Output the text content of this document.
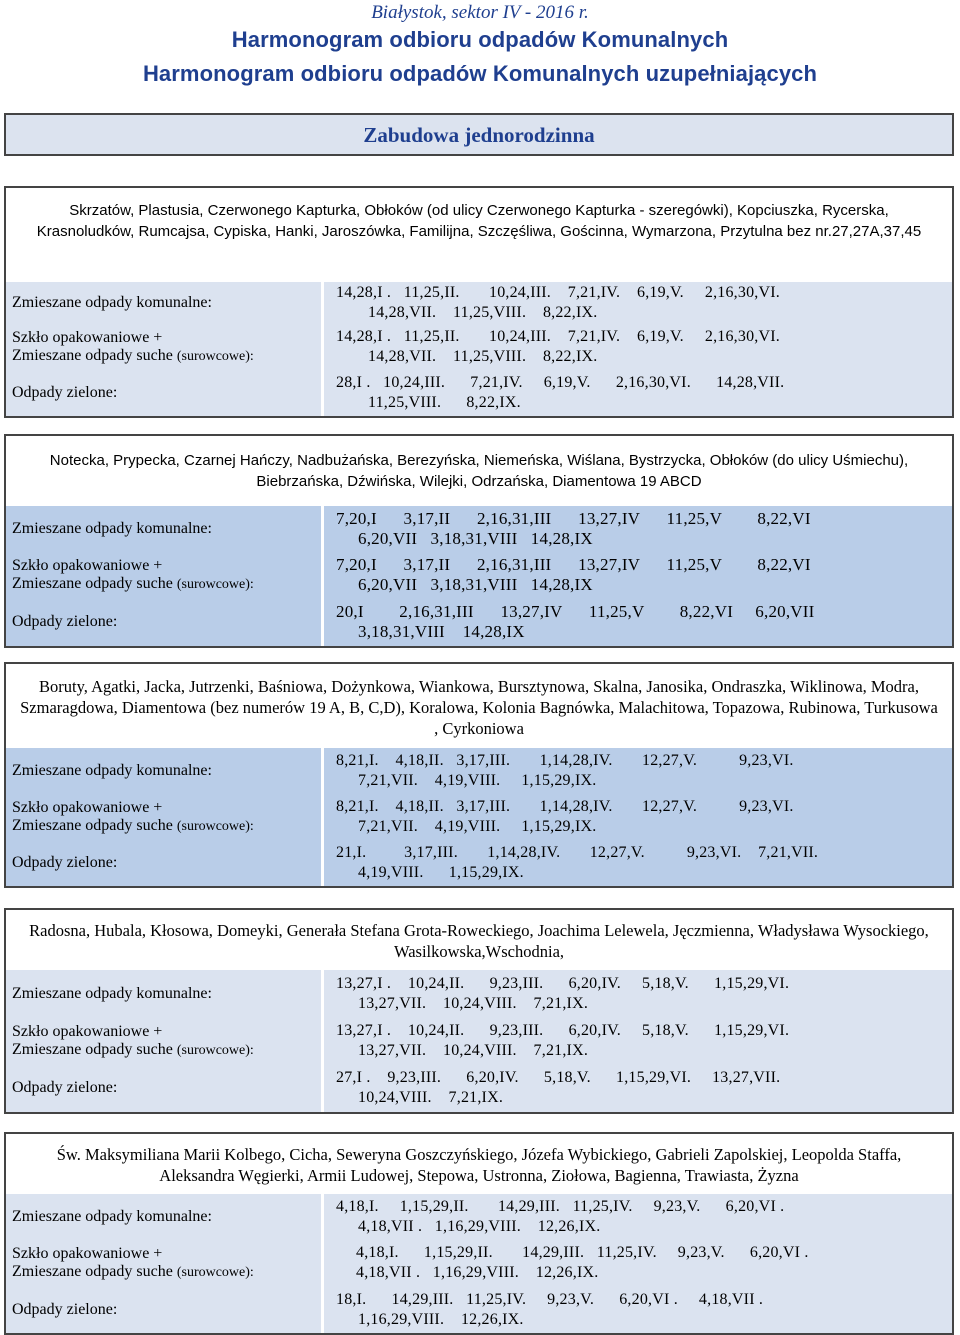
Białystok, sektor IV - 2016 r.
Harmonogram odbioru odpadów Komunalnych
Harmonogram odbioru odpadów Komunalnych uzupełniających
Zabudowa jednorodzinna
Skrzatów, Plastusia, Czerwonego Kapturka, Obłoków (od ulicy Czerwonego Kapturka - szeregówki), Kopciuszka, Rycerska, Krasnoludków, Rumcajsa, Cypiska, Hanki, Jaroszówka, Familijna, Szczęśliwa, Gościnna, Wymarzona, Przytulna bez nr.27,27A,37,45
Zmieszane odpady komunalne:
14,28,I .   11,25,II.       10,24,III.    7,21,IV.    6,19,V.     2,16,30,VI.
14,28,VII.    11,25,VIII.    8,22,IX.
Szkło opakowaniowe +
Zmieszane odpady suche (surowcowe):
14,28,I .   11,25,II.       10,24,III.    7,21,IV.    6,19,V.     2,16,30,VI.
14,28,VII.    11,25,VIII.    8,22,IX.
Odpady zielone:
28,I .   10,24,III.      7,21,IV.     6,19,V.      2,16,30,VI.      14,28,VII.
11,25,VIII.      8,22,IX.
Notecka, Prypecka, Czarnej Hańczy, Nadbużańska, Berezyńska, Niemeńska, Wiślana, Bystrzycka, Obłoków (do ulicy Uśmiechu), Biebrzańska, Dźwińska, Wilejki, Odrzańska, Diamentowa 19 ABCD
Zmieszane odpady komunalne:
7,20,I      3,17,II      2,16,31,III      13,27,IV      11,25,V        8,22,VI
6,20,VII   3,18,31,VIII   14,28,IX
Szkło opakowaniowe +
Zmieszane odpady suche (surowcowe):
7,20,I      3,17,II      2,16,31,III      13,27,IV      11,25,V        8,22,VI
6,20,VII   3,18,31,VIII   14,28,IX
Odpady zielone:
20,I        2,16,31,III      13,27,IV      11,25,V        8,22,VI     6,20,VII
3,18,31,VIII    14,28,IX
Boruty, Agatki, Jacka, Jutrzenki, Baśniowa, Dożynkowa, Wiankowa, Bursztynowa, Skalna, Janosika, Ondraszka, Wiklinowa, Modra, Szmaragdowa, Diamentowa (bez numerów 19 A, B, C,D), Koralowa, Kolonia Bagnówka, Malachitowa, Topazowa, Rubinowa, Turkusowa , Cyrkoniowa
Zmieszane odpady komunalne:
8,21,I.    4,18,II.   3,17,III.       1,14,28,IV.       12,27,V.          9,23,VI.
7,21,VII.    4,19,VIII.     1,15,29,IX.
Szkło opakowaniowe +
Zmieszane odpady suche (surowcowe):
8,21,I.    4,18,II.   3,17,III.       1,14,28,IV.       12,27,V.          9,23,VI.
7,21,VII.    4,19,VIII.     1,15,29,IX.
Odpady zielone:
21,I.         3,17,III.       1,14,28,IV.       12,27,V.          9,23,VI.    7,21,VII.
4,19,VIII.      1,15,29,IX.
Radosna, Hubala, Kłosowa, Domeyki, Generała Stefana Grota-Roweckiego, Joachima Lelewela, Jęczmienna, Władysława Wysockiego, Wasilkowska,Wschodnia,
Zmieszane odpady komunalne:
13,27,I .    10,24,II.      9,23,III.      6,20,IV.     5,18,V.      1,15,29,VI.
13,27,VII.    10,24,VIII.    7,21,IX.
Szkło opakowaniowe +
Zmieszane odpady suche (surowcowe):
13,27,I .    10,24,II.      9,23,III.      6,20,IV.     5,18,V.      1,15,29,VI.
13,27,VII.    10,24,VIII.    7,21,IX.
Odpady zielone:
27,I .    9,23,III.      6,20,IV.      5,18,V.      1,15,29,VI.     13,27,VII.
10,24,VIII.    7,21,IX.
Św. Maksymiliana Marii Kolbego, Cicha, Seweryna Goszczyńskiego, Józefa Wybickiego, Gabrieli Zapolskiej, Leopolda Staffa, Aleksandra Węgierki, Armii Ludowej, Stepowa, Ustronna, Ziołowa, Bagienna, Trawiasta, Żyzna
Zmieszane odpady komunalne:
4,18,I.     1,15,29,II.       14,29,III.   11,25,IV.     9,23,V.      6,20,VI .
4,18,VII .   1,16,29,VIII.    12,26,IX.
Szkło opakowaniowe +
Zmieszane odpady suche (surowcowe):
4,18,I.      1,15,29,II.       14,29,III.   11,25,IV.     9,23,V.      6,20,VI .
4,18,VII .   1,16,29,VIII.    12,26,IX.
Odpady zielone:
18,I.      14,29,III.   11,25,IV.     9,23,V.      6,20,VI .     4,18,VII .
1,16,29,VIII.    12,26,IX.
